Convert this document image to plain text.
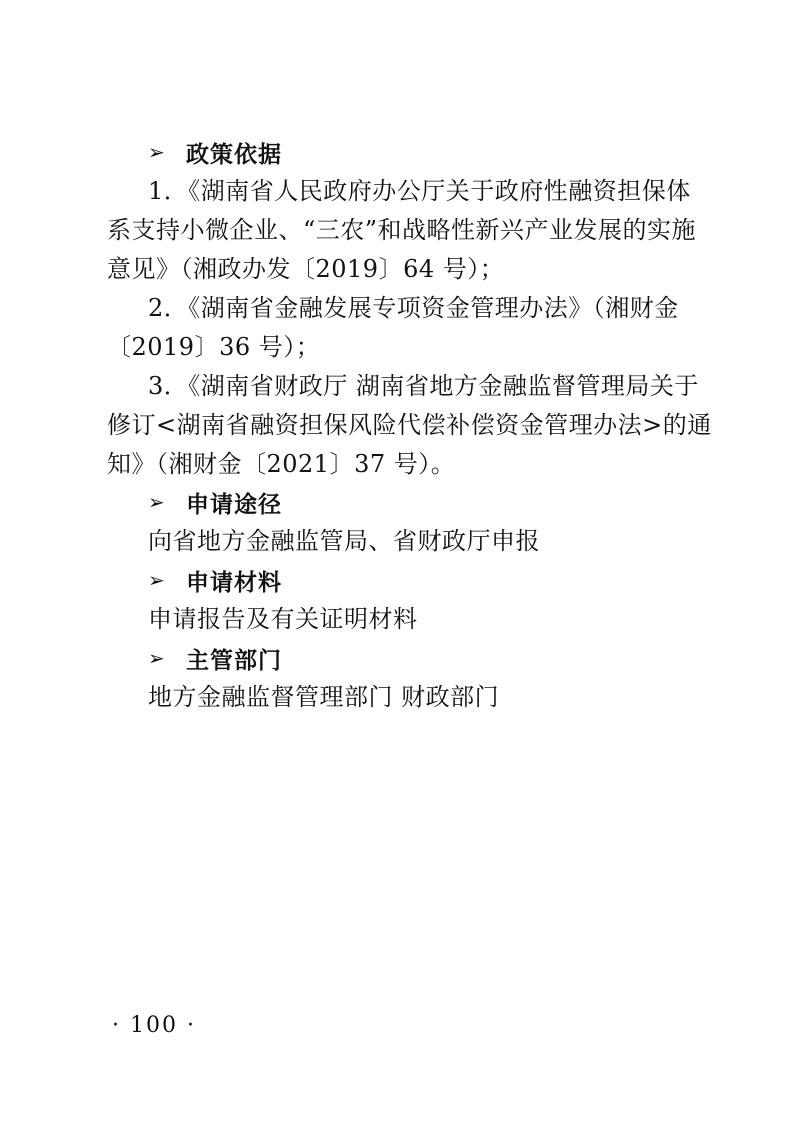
➢ 政策依据
1．《湖南省人民政府办公厅关于政府性融资担保体
系支持小微企业、“三农”和战略性新兴产业发展的实施
意见》（湘政办发〔2019〕64 号）；
2．《湖南省金融发展专项资金管理办法》（湘财金
〔2019〕36 号）；
3．《湖南省财政厅 湖南省地方金融监督管理局关于
修订<湖南省融资担保风险代偿补偿资金管理办法>的通
知》（湘财金〔2021〕37 号）。
➢ 申请途径
向省地方金融监管局、省财政厅申报
➢ 申请材料
申请报告及有关证明材料
➢ 主管部门
地方金融监督管理部门 财政部门
· 100 ·
